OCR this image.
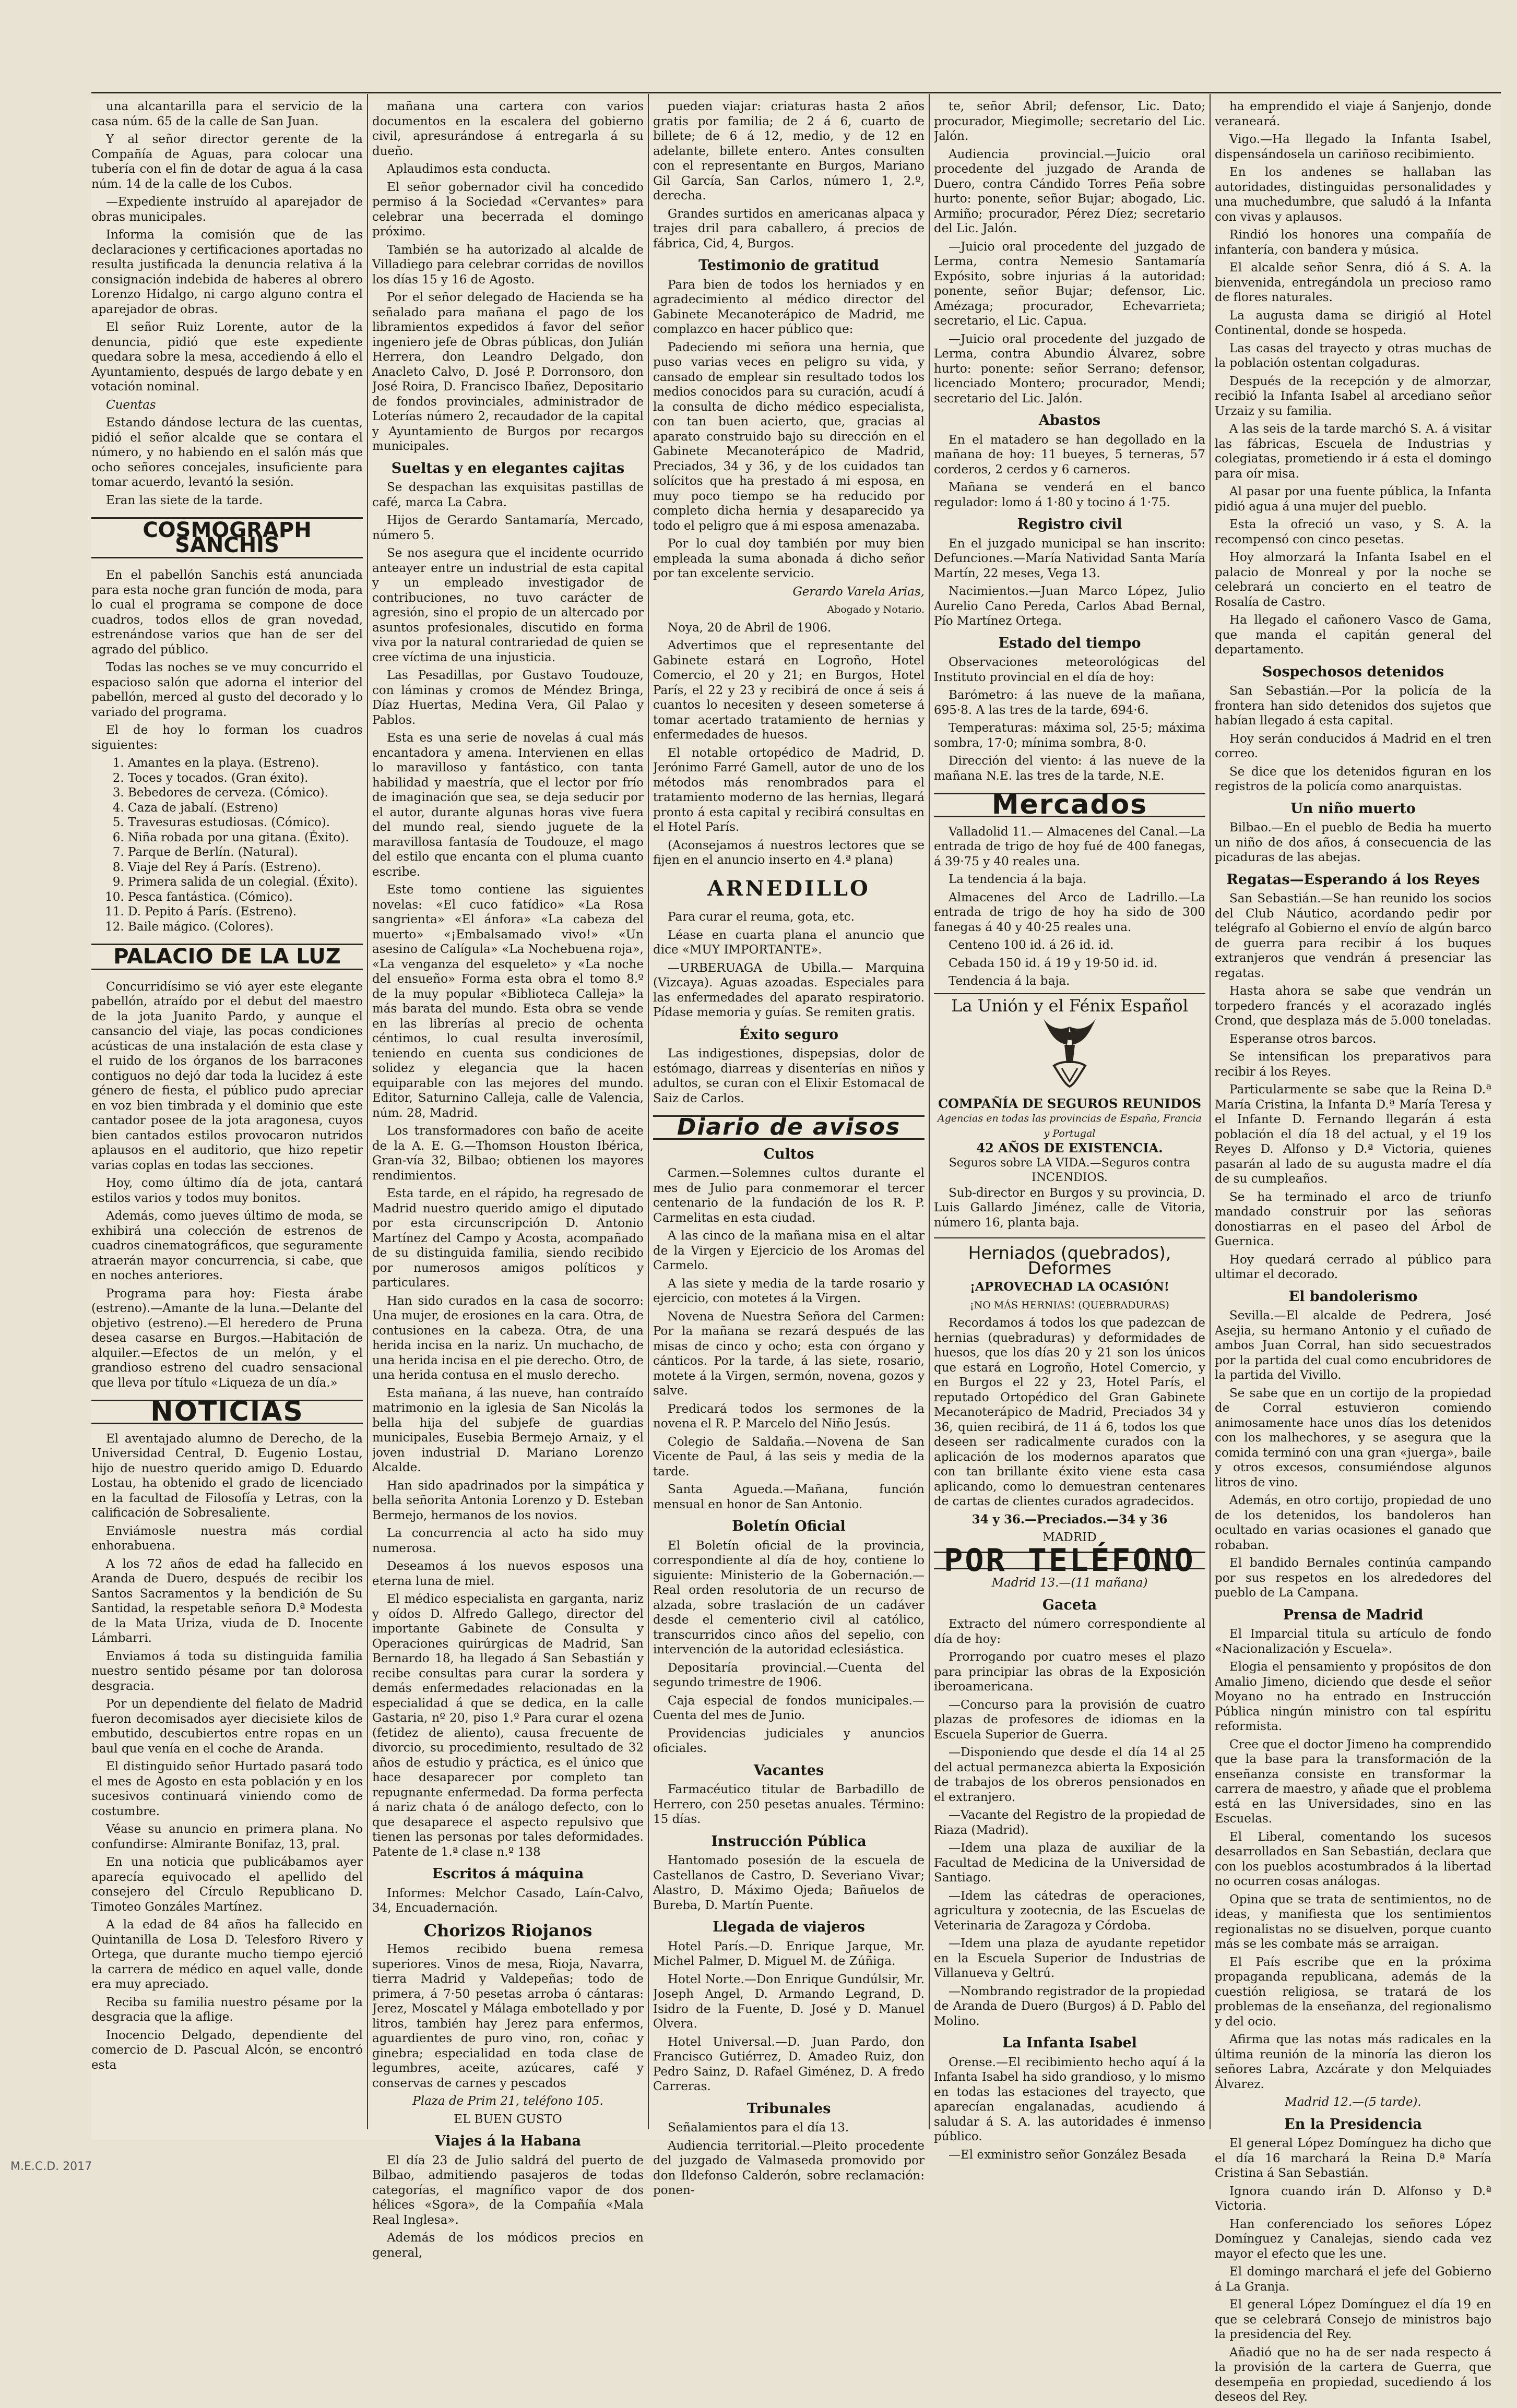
una alcantarilla para el servicio de la casa núm. 65 de la calle de San Juan.

Y al señor director gerente de la Compañía de Aguas, para colocar una tubería con el fin de dotar de agua á la casa núm. 14 de la calle de los Cubos.

—Expediente instruído al aparejador de obras municipales.

Informa la comisión que de las declaraciones y certificaciones aportadas no resulta justificada la denuncia relativa á la consignación indebida de haberes al obrero Lorenzo Hidalgo, ni cargo alguno contra el aparejador de obras.

El señor Ruiz Lorente, autor de la denuncia, pidió que este expediente quedara sobre la mesa, accediendo á ello el Ayuntamiento, después de largo debate y en votación nominal.

Cuentas

Estando dándose lectura de las cuentas, pidió el señor alcalde que se contara el número, y no habiendo en el salón más que ocho señores concejales, insuficiente para tomar acuerdo, levantó la sesión.

Eran las siete de la tarde.

COSMOGRAPH SANCHIS

En el pabellón Sanchis está anunciada para esta noche gran función de moda, para lo cual el programa se compone de doce cuadros, todos ellos de gran novedad, estrenándose varios que han de ser del agrado del público.

Todas las noches se ve muy concurrido el espacioso salón que adorna el interior del pabellón, merced al gusto del decorado y lo variado del programa.

El de hoy lo forman los cuadros siguientes:

1. Amantes en la playa. (Estreno).
2. Toces y tocados. (Gran éxito).
3. Bebedores de cerveza. (Cómico).
4. Caza de jabalí. (Estreno)
5. Travesuras estudiosas. (Cómico).
6. Niña robada por una gitana. (Éxito).
7. Parque de Berlín. (Natural).
8. Viaje del Rey á París. (Estreno).
9. Primera salida de un colegial. (Éxito).
10. Pesca fantástica. (Cómico).
11. D. Pepito á París. (Estreno).
12. Baile mágico. (Colores).
PALACIO DE LA LUZ

Concurridísimo se vió ayer este elegante pabellón, atraído por el debut del maestro de la jota Juanito Pardo, y aunque el cansancio del viaje, las pocas condiciones acústicas de una instalación de esta clase y el ruido de los órganos de los barracones contiguos no dejó dar toda la lucidez á este género de fiesta, el público pudo apreciar en voz bien timbrada y el dominio que este cantador posee de la jota aragonesa, cuyos bien cantados estilos provocaron nutridos aplausos en el auditorio, que hizo repetir varias coplas en todas las secciones.

Hoy, como último día de jota, cantará estilos varios y todos muy bonitos.

Además, como jueves último de moda, se exhibirá una colección de estrenos de cuadros cinematográficos, que seguramente atraerán mayor concurrencia, si cabe, que en noches anteriores.

Programa para hoy: Fiesta árabe (estreno).—Amante de la luna.—Delante del objetivo (estreno).—El heredero de Pruna desea casarse en Burgos.—Habitación de alquiler.—Efectos de un melón, y el grandioso estreno del cuadro sensacional que lleva por título «Liqueza de un día.»

NOTICIAS

El aventajado alumno de Derecho, de la Universidad Central, D. Eugenio Lostau, hijo de nuestro querido amigo D. Eduardo Lostau, ha obtenido el grado de licenciado en la facultad de Filosofía y Letras, con la calificación de Sobresaliente.

Enviámosle nuestra más cordial enhorabuena.

A los 72 años de edad ha fallecido en Aranda de Duero, después de recibir los Santos Sacramentos y la bendición de Su Santidad, la respetable señora D.ª Modesta de la Mata Uriza, viuda de D. Inocente Lámbarri.

Enviamos á toda su distinguida familia nuestro sentido pésame por tan dolorosa desgracia.

Por un dependiente del fielato de Madrid fueron decomisados ayer diecisiete kilos de embutido, descubiertos entre ropas en un baul que venía en el coche de Aranda.

El distinguido señor Hurtado pasará todo el mes de Agosto en esta población y en los sucesivos continuará viniendo como de costumbre.

Véase su anuncio en primera plana. No confundirse: Almirante Bonifaz, 13, pral.

En una noticia que publicábamos ayer aparecía equivocado el apellido del consejero del Círculo Republicano D. Timoteo Gonzáles Martínez.

A la edad de 84 años ha fallecido en Quintanilla de Losa D. Telesforo Rivero y Ortega, que durante mucho tiempo ejerció la carrera de médico en aquel valle, donde era muy apreciado.

Reciba su familia nuestro pésame por la desgracia que la aflige.

Inocencio Delgado, dependiente del comercio de D. Pascual Alcón, se encontró esta

mañana una cartera con varios documentos en la escalera del gobierno civil, apresurándose á entregarla á su dueño.

Aplaudimos esta conducta.

El señor gobernador civil ha concedido permiso á la Sociedad «Cervantes» para celebrar una becerrada el domingo próximo.

También se ha autorizado al alcalde de Villadiego para celebrar corridas de novillos los días 15 y 16 de Agosto.

Por el señor delegado de Hacienda se ha señalado para mañana el pago de los libramientos expedidos á favor del señor ingeniero jefe de Obras públicas, don Julián Herrera, don Leandro Delgado, don Anacleto Calvo, D. José P. Dorronsoro, don José Roira, D. Francisco Ibañez, Depositario de fondos provinciales, administrador de Loterías número 2, recaudador de la capital y Ayuntamiento de Burgos por recargos municipales.

Sueltas y en elegantes cajitas

Se despachan las exquisitas pastillas de café, marca La Cabra.

Hijos de Gerardo Santamaría, Mercado, número 5.

Se nos asegura que el incidente ocurrido anteayer entre un industrial de esta capital y un empleado investigador de contribuciones, no tuvo carácter de agresión, sino el propio de un altercado por asuntos profesionales, discutido en forma viva por la natural contrariedad de quien se cree víctima de una injusticia.

Las Pesadillas, por Gustavo Toudouze, con láminas y cromos de Méndez Bringa, Díaz Huertas, Medina Vera, Gil Palao y Pablos.

Esta es una serie de novelas á cual más encantadora y amena. Intervienen en ellas lo maravilloso y fantástico, con tanta habilidad y maestría, que el lector por frío de imaginación que sea, se deja seducir por el autor, durante algunas horas vive fuera del mundo real, siendo juguete de la maravillosa fantasía de Toudouze, el mago del estilo que encanta con el pluma cuanto escribe.

Este tomo contiene las siguientes novelas: «El cuco fatídico» «La Rosa sangrienta» «El ánfora» «La cabeza del muerto» «¡Embalsamado vivo!» «Un asesino de Calígula» «La Nochebuena roja», «La venganza del esqueleto» y «La noche del ensueño» Forma esta obra el tomo 8.º de la muy popular «Biblioteca Calleja» la más barata del mundo. Esta obra se vende en las librerías al precio de ochenta céntimos, lo cual resulta inverosímil, teniendo en cuenta sus condiciones de solidez y elegancia que la hacen equiparable con las mejores del mundo. Editor, Saturnino Calleja, calle de Valencia, núm. 28, Madrid.

Los transformadores con baño de aceite de la A. E. G.—Thomson Houston Ibérica, Gran-vía 32, Bilbao; obtienen los mayores rendimientos.

Esta tarde, en el rápido, ha regresado de Madrid nuestro querido amigo el diputado por esta circunscripción D. Antonio Martínez del Campo y Acosta, acompañado de su distinguida familia, siendo recibido por numerosos amigos políticos y particulares.

Han sido curados en la casa de socorro: Una mujer, de erosiones en la cara. Otra, de contusiones en la cabeza. Otra, de una herida incisa en la nariz. Un muchacho, de una herida incisa en el pie derecho. Otro, de una herida contusa en el muslo derecho.

Esta mañana, á las nueve, han contraído matrimonio en la iglesia de San Nicolás la bella hija del subjefe de guardias municipales, Eusebia Bermejo Arnaiz, y el joven industrial D. Mariano Lorenzo Alcalde.

Han sido apadrinados por la simpática y bella señorita Antonia Lorenzo y D. Esteban Bermejo, hermanos de los novios.

La concurrencia al acto ha sido muy numerosa.

Deseamos á los nuevos esposos una eterna luna de miel.

El médico especialista en garganta, nariz y oídos D. Alfredo Gallego, director del importante Gabinete de Consulta y Operaciones quirúrgicas de Madrid, San Bernardo 18, ha llegado á San Sebastián y recibe consultas para curar la sordera y demás enfermedades relacionadas en la especialidad á que se dedica, en la calle Gastaria, nº 20, piso 1.º Para curar el ozena (fetidez de aliento), causa frecuente de divorcio, su procedimiento, resultado de 32 años de estudio y práctica, es el único que hace desaparecer por completo tan repugnante enfermedad. Da forma perfecta á nariz chata ó de análogo defecto, con lo que desaparece el aspecto repulsivo que tienen las personas por tales deformidades. Patente de 1.ª clase n.º 138

Escritos á máquina

Informes: Melchor Casado, Laín-Calvo, 34, Encuadernación.

Chorizos Riojanos

Hemos recibido buena remesa superiores. Vinos de mesa, Rioja, Navarra, tierra Madrid y Valdepeñas; todo de primera, á 7·50 pesetas arroba ó cántaras: Jerez, Moscatel y Málaga embotellado y por litros, también hay Jerez para enfermos, aguardientes de puro vino, ron, coñac y ginebra; especialidad en toda clase de legumbres, aceite, azúcares, café y conservas de carnes y pescados

Plaza de Prim 21, teléfono 105.

EL BUEN GUSTO

Viajes á la Habana

El día 23 de Julio saldrá del puerto de Bilbao, admitiendo pasajeros de todas categorías, el magnífico vapor de dos hélices «Sgora», de la Compañía «Mala Real Inglesa».

Además de los módicos precios en general,

pueden viajar: criaturas hasta 2 años gratis por familia; de 2 á 6, cuarto de billete; de 6 á 12, medio, y de 12 en adelante, billete entero. Antes consulten con el representante en Burgos, Mariano Gil García, San Carlos, número 1, 2.º, derecha.

Grandes surtidos en americanas alpaca y trajes dril para caballero, á precios de fábrica, Cid, 4, Burgos.

Testimonio de gratitud

Para bien de todos los herniados y en agradecimiento al médico director del Gabinete Mecanoterápico de Madrid, me complazco en hacer público que:

Padeciendo mi señora una hernia, que puso varias veces en peligro su vida, y cansado de emplear sin resultado todos los medios conocidos para su curación, acudí á la consulta de dicho médico especialista, con tan buen acierto, que, gracias al aparato construido bajo su dirección en el Gabinete Mecanoterápico de Madrid, Preciados, 34 y 36, y de los cuidados tan solícitos que ha prestado á mi esposa, en muy poco tiempo se ha reducido por completo dicha hernia y desaparecido ya todo el peligro que á mi esposa amenazaba.

Por lo cual doy también por muy bien empleada la suma abonada á dicho señor por tan excelente servicio.

Gerardo Varela Arias,

Abogado y Notario.

Noya, 20 de Abril de 1906.

Advertimos que el representante del Gabinete estará en Logroño, Hotel Comercio, el 20 y 21; en Burgos, Hotel París, el 22 y 23 y recibirá de once á seis á cuantos lo necesiten y deseen someterse á tomar acertado tratamiento de hernias y enfermedades de huesos.

El notable ortopédico de Madrid, D. Jerónimo Farré Gamell, autor de uno de los métodos más renombrados para el tratamiento moderno de las hernias, llegará pronto á esta capital y recibirá consultas en el Hotel París.

(Aconsejamos á nuestros lectores que se fijen en el anuncio inserto en 4.ª plana)

ARNEDILLO

Para curar el reuma, gota, etc.

Léase en cuarta plana el anuncio que dice «MUY IMPORTANTE».

—URBERUAGA de Ubilla.— Marquina (Vizcaya). Aguas azoadas. Especiales para las enfermedades del aparato respiratorio. Pídase memoria y guías. Se remiten gratis.

Éxito seguro

Las indigestiones, dispepsias, dolor de estómago, diarreas y disenterías en niños y adultos, se curan con el Elixir Estomacal de Saiz de Carlos.

Diario de avisos
Cultos

Carmen.—Solemnes cultos durante el mes de Julio para conmemorar el tercer centenario de la fundación de los R. P. Carmelitas en esta ciudad.

A las cinco de la mañana misa en el altar de la Virgen y Ejercicio de los Aromas del Carmelo.

A las siete y media de la tarde rosario y ejercicio, con motetes á la Virgen.

Novena de Nuestra Señora del Carmen: Por la mañana se rezará después de las misas de cinco y ocho; esta con órgano y cánticos. Por la tarde, á las siete, rosario, motete á la Virgen, sermón, novena, gozos y salve.

Predicará todos los sermones de la novena el R. P. Marcelo del Niño Jesús.

Colegio de Saldaña.—Novena de San Vicente de Paul, á las seis y media de la tarde.

Santa Agueda.—Mañana, función mensual en honor de San Antonio.

Boletín Oficial

El Boletín oficial de la provincia, correspondiente al día de hoy, contiene lo siguiente: Ministerio de la Gobernación.—Real orden resolutoria de un recurso de alzada, sobre traslación de un cadáver desde el cementerio civil al católico, transcurridos cinco años del sepelio, con intervención de la autoridad eclesiástica.

Depositaría provincial.—Cuenta del segundo trimestre de 1906.

Caja especial de fondos municipales.—Cuenta del mes de Junio.

Providencias judiciales y anuncios oficiales.

Vacantes

Farmacéutico titular de Barbadillo de Herrero, con 250 pesetas anuales. Término: 15 días.

Instrucción Pública

Hantomado posesión de la escuela de Castellanos de Castro, D. Severiano Vivar; Alastro, D. Máximo Ojeda; Bañuelos de Bureba, D. Martín Puente.

Llegada de viajeros

Hotel París.—D. Enrique Jarque, Mr. Michel Palmer, D. Miguel M. de Zúñiga.

Hotel Norte.—Don Enrique Gundúlsir, Mr. Joseph Angel, D. Armando Legrand, D. Isidro de la Fuente, D. José y D. Manuel Olvera.

Hotel Universal.—D. Juan Pardo, don Francisco Gutiérrez, D. Amadeo Ruiz, don Pedro Sainz, D. Rafael Giménez, D. A fredo Carreras.

Tribunales

Señalamientos para el día 13.

Audiencia territorial.—Pleito procedente del juzgado de Valmaseda promovido por don Ildefonso Calderón, sobre reclamación: ponen-

te, señor Abril; defensor, Lic. Dato; procurador, Miegimolle; secretario del Lic. Jalón.

Audiencia provincial.—Juicio oral procedente del juzgado de Aranda de Duero, contra Cándido Torres Peña sobre hurto: ponente, señor Bujar; abogado, Lic. Armiño; procurador, Pérez Díez; secretario del Lic. Jalón.

—Juicio oral procedente del juzgado de Lerma, contra Nemesio Santamaría Expósito, sobre injurias á la autoridad: ponente, señor Bujar; defensor, Lic. Amézaga; procurador, Echevarrieta; secretario, el Lic. Capua.

—Juicio oral procedente del juzgado de Lerma, contra Abundio Álvarez, sobre hurto: ponente: señor Serrano; defensor, licenciado Montero; procurador, Mendi; secretario del Lic. Jalón.

Abastos

En el matadero se han degollado en la mañana de hoy: 11 bueyes, 5 terneras, 57 corderos, 2 cerdos y 6 carneros.

Mañana se venderá en el banco regulador: lomo á 1·80 y tocino á 1·75.

Registro civil

En el juzgado municipal se han inscrito: Defunciones.—María Natividad Santa María Martín, 22 meses, Vega 13.

Nacimientos.—Juan Marco López, Julio Aurelio Cano Pereda, Carlos Abad Bernal, Pío Martínez Ortega.

Estado del tiempo

Observaciones meteorológicas del Instituto provincial en el día de hoy:

Barómetro: á las nueve de la mañana, 695·8. A las tres de la tarde, 694·6.

Temperaturas: máxima sol, 25·5; máxima sombra, 17·0; mínima sombra, 8·0.

Dirección del viento: á las nueve de la mañana N.E. las tres de la tarde, N.E.

Mercados

Valladolid 11.— Almacenes del Canal.—La entrada de trigo de hoy fué de 400 fanegas, á 39·75 y 40 reales una.

La tendencia á la baja.

Almacenes del Arco de Ladrillo.—La entrada de trigo de hoy ha sido de 300 fanegas á 40 y 40·25 reales una.

Centeno 100 id. á 26 id. id.

Cebada 150 id. á 19 y 19·50 id. id.

Tendencia á la baja.

La Unión y el Fénix Español
COMPAÑÍA DE SEGUROS REUNIDOS
Agencias en todas las provincias de España, Francia y Portugal
42 AÑOS DE EXISTENCIA.
Seguros sobre LA VIDA.—Seguros contra INCENDIOS.

Sub-director en Burgos y su provincia, D. Luis Gallardo Jiménez, calle de Vitoria, número 16, planta baja.

Herniados (quebrados), Deformes

¡APROVECHAD LA OCASIÓN!

¡NO MÁS HERNIAS! (QUEBRADURAS)

Recordamos á todos los que padezcan de hernias (quebraduras) y deformidades de huesos, que los días 20 y 21 son los únicos que estará en Logroño, Hotel Comercio, y en Burgos el 22 y 23, Hotel París, el reputado Ortopédico del Gran Gabinete Mecanoterápico de Madrid, Preciados 34 y 36, quien recibirá, de 11 á 6, todos los que deseen ser radicalmente curados con la aplicación de los modernos aparatos que con tan brillante éxito viene esta casa aplicando, como lo demuestran centenares de cartas de clientes curados agradecidos.

34 y 36.—Preciados.—34 y 36

MADRID

POR TELÉFONO

Madrid 13.—(11 mañana)

Gaceta

Extracto del número correspondiente al día de hoy:

Prorrogando por cuatro meses el plazo para principiar las obras de la Exposición iberoamericana.

—Concurso para la provisión de cuatro plazas de profesores de idiomas en la Escuela Superior de Guerra.

—Disponiendo que desde el día 14 al 25 del actual permanezca abierta la Exposición de trabajos de los obreros pensionados en el extranjero.

—Vacante del Registro de la propiedad de Riaza (Madrid).

—Idem una plaza de auxiliar de la Facultad de Medicina de la Universidad de Santiago.

—Idem las cátedras de operaciones, agricultura y zootecnia, de las Escuelas de Veterinaria de Zaragoza y Córdoba.

—Idem una plaza de ayudante repetidor en la Escuela Superior de Industrias de Villanueva y Geltrú.

—Nombrando registrador de la propiedad de Aranda de Duero (Burgos) á D. Pablo del Molino.

La Infanta Isabel

Orense.—El recibimiento hecho aquí á la Infanta Isabel ha sido grandioso, y lo mismo en todas las estaciones del trayecto, que aparecían engalanadas, acudiendo á saludar á S. A. las autoridades é inmenso público.

—El exministro señor González Besada

ha emprendido el viaje á Sanjenjo, donde veraneará.

Vigo.—Ha llegado la Infanta Isabel, dispensándosela un cariñoso recibimiento.

En los andenes se hallaban las autoridades, distinguidas personalidades y una muchedumbre, que saludó á la Infanta con vivas y aplausos.

Rindió los honores una compañía de infantería, con bandera y música.

El alcalde señor Senra, dió á S. A. la bienvenida, entregándola un precioso ramo de flores naturales.

La augusta dama se dirigió al Hotel Continental, donde se hospeda.

Las casas del trayecto y otras muchas de la población ostentan colgaduras.

Después de la recepción y de almorzar, recibió la Infanta Isabel al arcediano señor Urzaiz y su familia.

A las seis de la tarde marchó S. A. á visitar las fábricas, Escuela de Industrias y colegiatas, prometiendo ir á esta el domingo para oír misa.

Al pasar por una fuente pública, la Infanta pidió agua á una mujer del pueblo.

Esta la ofreció un vaso, y S. A. la recompensó con cinco pesetas.

Hoy almorzará la Infanta Isabel en el palacio de Monreal y por la noche se celebrará un concierto en el teatro de Rosalía de Castro.

Ha llegado el cañonero Vasco de Gama, que manda el capitán general del departamento.

Sospechosos detenidos

San Sebastián.—Por la policía de la frontera han sido detenidos dos sujetos que habían llegado á esta capital.

Hoy serán conducidos á Madrid en el tren correo.

Se dice que los detenidos figuran en los registros de la policía como anarquistas.

Un niño muerto

Bilbao.—En el pueblo de Bedia ha muerto un niño de dos años, á consecuencia de las picaduras de las abejas.

Regatas—Esperando á los Reyes

San Sebastián.—Se han reunido los socios del Club Náutico, acordando pedir por telégrafo al Gobierno el envío de algún barco de guerra para recibir á los buques extranjeros que vendrán á presenciar las regatas.

Hasta ahora se sabe que vendrán un torpedero francés y el acorazado inglés Crond, que desplaza más de 5.000 toneladas.

Esperanse otros barcos.

Se intensifican los preparativos para recibir á los Reyes.

Particularmente se sabe que la Reina D.ª María Cristina, la Infanta D.ª María Teresa y el Infante D. Fernando llegarán á esta población el día 18 del actual, y el 19 los Reyes D. Alfonso y D.ª Victoria, quienes pasarán al lado de su augusta madre el día de su cumpleaños.

Se ha terminado el arco de triunfo mandado construir por las señoras donostiarras en el paseo del Árbol de Guernica.

Hoy quedará cerrado al público para ultimar el decorado.

El bandolerismo

Sevilla.—El alcalde de Pedrera, José Asejia, su hermano Antonio y el cuñado de ambos Juan Corral, han sido secuestrados por la partida del cual como encubridores de la partida del Vivillo.

Se sabe que en un cortijo de la propiedad de Corral estuvieron comiendo animosamente hace unos días los detenidos con los malhechores, y se asegura que la comida terminó con una gran «juerga», baile y otros excesos, consumiéndose algunos litros de vino.

Además, en otro cortijo, propiedad de uno de los detenidos, los bandoleros han ocultado en varias ocasiones el ganado que robaban.

El bandido Bernales continúa campando por sus respetos en los alrededores del pueblo de La Campana.

Prensa de Madrid

El Imparcial titula su artículo de fondo «Nacionalización y Escuela».

Elogia el pensamiento y propósitos de don Amalio Jimeno, diciendo que desde el señor Moyano no ha entrado en Instrucción Pública ningún ministro con tal espíritu reformista.

Cree que el doctor Jimeno ha comprendido que la base para la transformación de la enseñanza consiste en transformar la carrera de maestro, y añade que el problema está en las Universidades, sino en las Escuelas.

El Liberal, comentando los sucesos desarrollados en San Sebastián, declara que con los pueblos acostumbrados á la libertad no ocurren cosas análogas.

Opina que se trata de sentimientos, no de ideas, y manifiesta que los sentimientos regionalistas no se disuelven, porque cuanto más se les combate más se arraigan.

El País escribe que en la próxima propaganda republicana, además de la cuestión religiosa, se tratará de los problemas de la enseñanza, del regionalismo y del ocio.

Afirma que las notas más radicales en la última reunión de la minoría las dieron los señores Labra, Azcárate y don Melquiades Álvarez.

Madrid 12.—(5 tarde).

En la Presidencia

El general López Domínguez ha dicho que el día 16 marchará la Reina D.ª María Cristina á San Sebastián.

Ignora cuando irán D. Alfonso y D.ª Victoria.

Han conferenciado los señores López Domínguez y Canalejas, siendo cada vez mayor el efecto que les une.

El domingo marchará el jefe del Gobierno á La Granja.

El general López Domínguez el día 19 en que se celebrará Consejo de ministros bajo la presidencia del Rey.

Añadió que no ha de ser nada respecto á la provisión de la cartera de Guerra, que desempeña en propiedad, sucediendo á los deseos del Rey.

M.E.C.D. 2017
